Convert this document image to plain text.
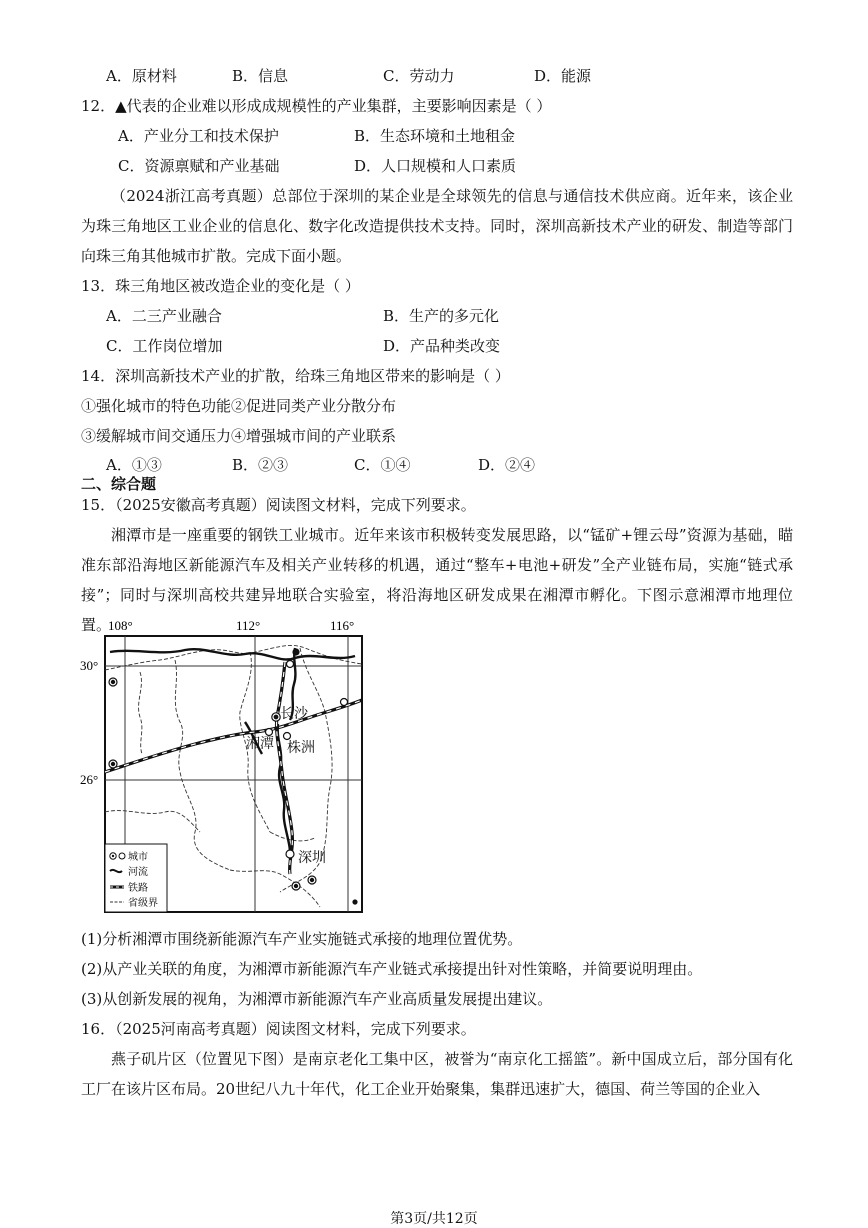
A．原材料	B．信息	C．劳动力	D．能源
12．▲代表的企业难以形成成规模性的产业集群，主要影响因素是（ ）
A．产业分工和技术保护	B．生态环境和土地租金
C．资源禀赋和产业基础	D．人口规模和人口素质
（2024浙江高考真题）总部位于深圳的某企业是全球领先的信息与通信技术供应商。近年来，该企业为珠三角地区工业企业的信息化、数字化改造提供技术支持。同时，深圳高新技术产业的研发、制造等部门向珠三角其他城市扩散。完成下面小题。
13．珠三角地区被改造企业的变化是（ ）
A．二三产业融合	B．生产的多元化
C．工作岗位增加	D．产品种类改变
14．深圳高新技术产业的扩散，给珠三角地区带来的影响是（ ）
①强化城市的特色功能②促进同类产业分散分布
③缓解城市间交通压力④增强城市间的产业联系
A．①③	B．②③	C．①④	D．②④
二、综合题
15．（2025安徽高考真题）阅读图文材料，完成下列要求。
湘潭市是一座重要的钢铁工业城市。近年来该市积极转变发展思路，以“锰矿+锂云母”资源为基础，瞄准东部沿海地区新能源汽车及相关产业转移的机遇，通过“整车+电池+研发”全产业链布局，实施“链式承接”；同时与深圳高校共建异地联合实验室，将沿海地区研发成果在湘潭市孵化。下图示意湘潭市地理位置。
108°	112°	116°
30°
26°
长沙
湘潭 株洲
深圳
城市
河流
铁路
省级界
(1)分析湘潭市围绕新能源汽车产业实施链式承接的地理位置优势。
(2)从产业关联的角度，为湘潭市新能源汽车产业链式承接提出针对性策略，并简要说明理由。
(3)从创新发展的视角，为湘潭市新能源汽车产业高质量发展提出建议。
16．（2025河南高考真题）阅读图文材料，完成下列要求。
燕子矶片区（位置见下图）是南京老化工集中区，被誉为“南京化工摇篮”。新中国成立后，部分国有化工厂在该片区布局。20世纪八九十年代，化工企业开始聚集，集群迅速扩大，德国、荷兰等国的企业入
第3页/共12页
